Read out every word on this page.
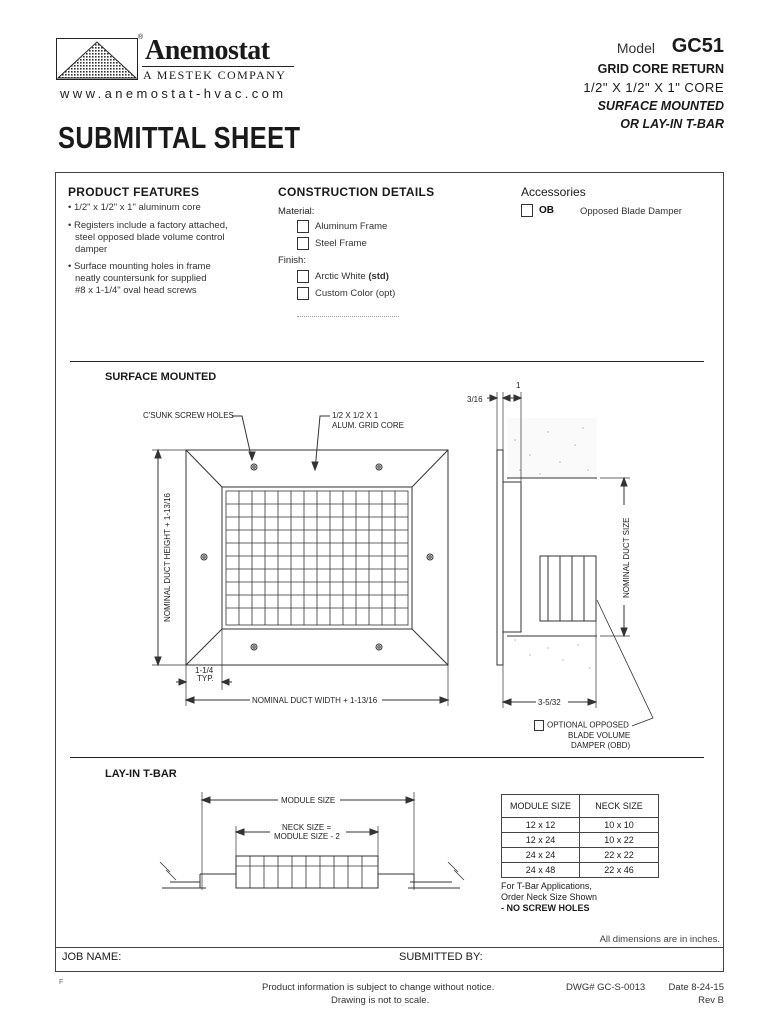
® Anemostat
A MESTEK COMPANY
www.anemostat-hvac.com
SUBMITTAL SHEET
Model GC51
GRID CORE RETURN
1/2" X 1/2" X 1" CORE
SURFACE MOUNTED
OR LAY-IN T-BAR
PRODUCT FEATURES
• 1/2" x 1/2" x 1" aluminum core
• Registers include a factory attached,
steel opposed blade volume control
damper
• Surface mounting holes in frame
neatly countersunk for supplied
#8 x 1-1/4" oval head screws
CONSTRUCTION DETAILS
Material:
Aluminum Frame
Steel Frame
Finish:
Arctic White (std)
Custom Color (opt)
Accessories
OB	Opposed Blade Damper
SURFACE MOUNTED
C'SUNK SCREW HOLES	1/2 X 1/2 X 1
ALUM. GRID CORE
NOMINAL DUCT HEIGHT + 1-13/16
NOMINAL DUCT WIDTH + 1-13/16
1-1/4
TYP.
1
3/16
3-5/32
NOMINAL DUCT SIZE
OPTIONAL OPPOSED
BLADE VOLUME
DAMPER (OBD)
LAY-IN T-BAR
MODULE SIZE
NECK SIZE =
MODULE SIZE - 2
MODULE SIZE	NECK SIZE
12 x 12	10 x 10
12 x 24	10 x 22
24 x 24	22 x 22
24 x 48	22 x 46
For T-Bar Applications,
Order Neck Size Shown
- NO SCREW HOLES
All dimensions are in inches.
JOB NAME:	SUBMITTED BY:
F	Product information is subject to change without notice.
Drawing is not to scale.
DWG# GC-S-0013 Date 8-24-15
Rev B
